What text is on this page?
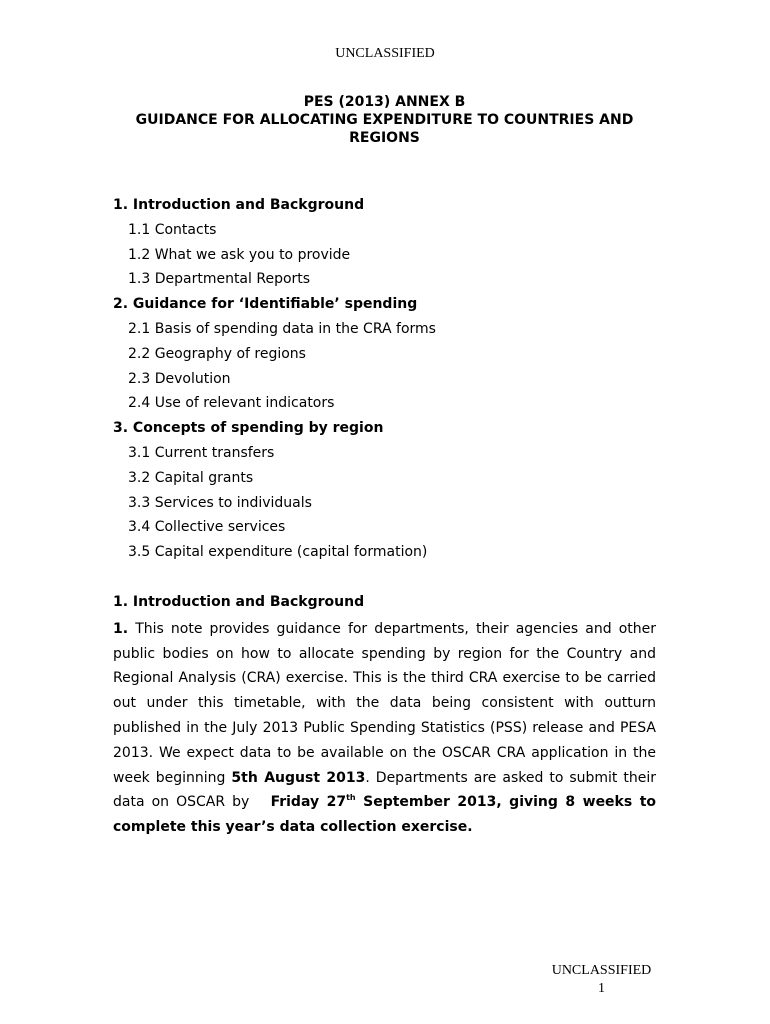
UNCLASSIFIED
PES (2013) ANNEX B
GUIDANCE FOR ALLOCATING EXPENDITURE TO COUNTRIES AND
REGIONS
1. Introduction and Background
1.1 Contacts
1.2 What we ask you to provide
1.3 Departmental Reports
2. Guidance for ‘Identifiable’ spending
2.1 Basis of spending data in the CRA forms
2.2 Geography of regions
2.3 Devolution
2.4 Use of relevant indicators
3. Concepts of spending by region
3.1 Current transfers
3.2 Capital grants
3.3 Services to individuals
3.4 Collective services
3.5 Capital expenditure (capital formation)
1. Introduction and Background
1. This note provides guidance for departments, their agencies and other
public bodies on how to allocate spending by region for the Country and
Regional Analysis (CRA) exercise. This is the third CRA exercise to be carried
out under this timetable, with the data being consistent with outturn
published in the July 2013 Public Spending Statistics (PSS) release and PESA
2013. We expect data to be available on the OSCAR CRA application in the
week beginning 5th August 2013. Departments are asked to submit their
data on OSCAR by Friday 27th September 2013, giving 8 weeks to
complete this year’s data collection exercise.
UNCLASSIFIED
1
